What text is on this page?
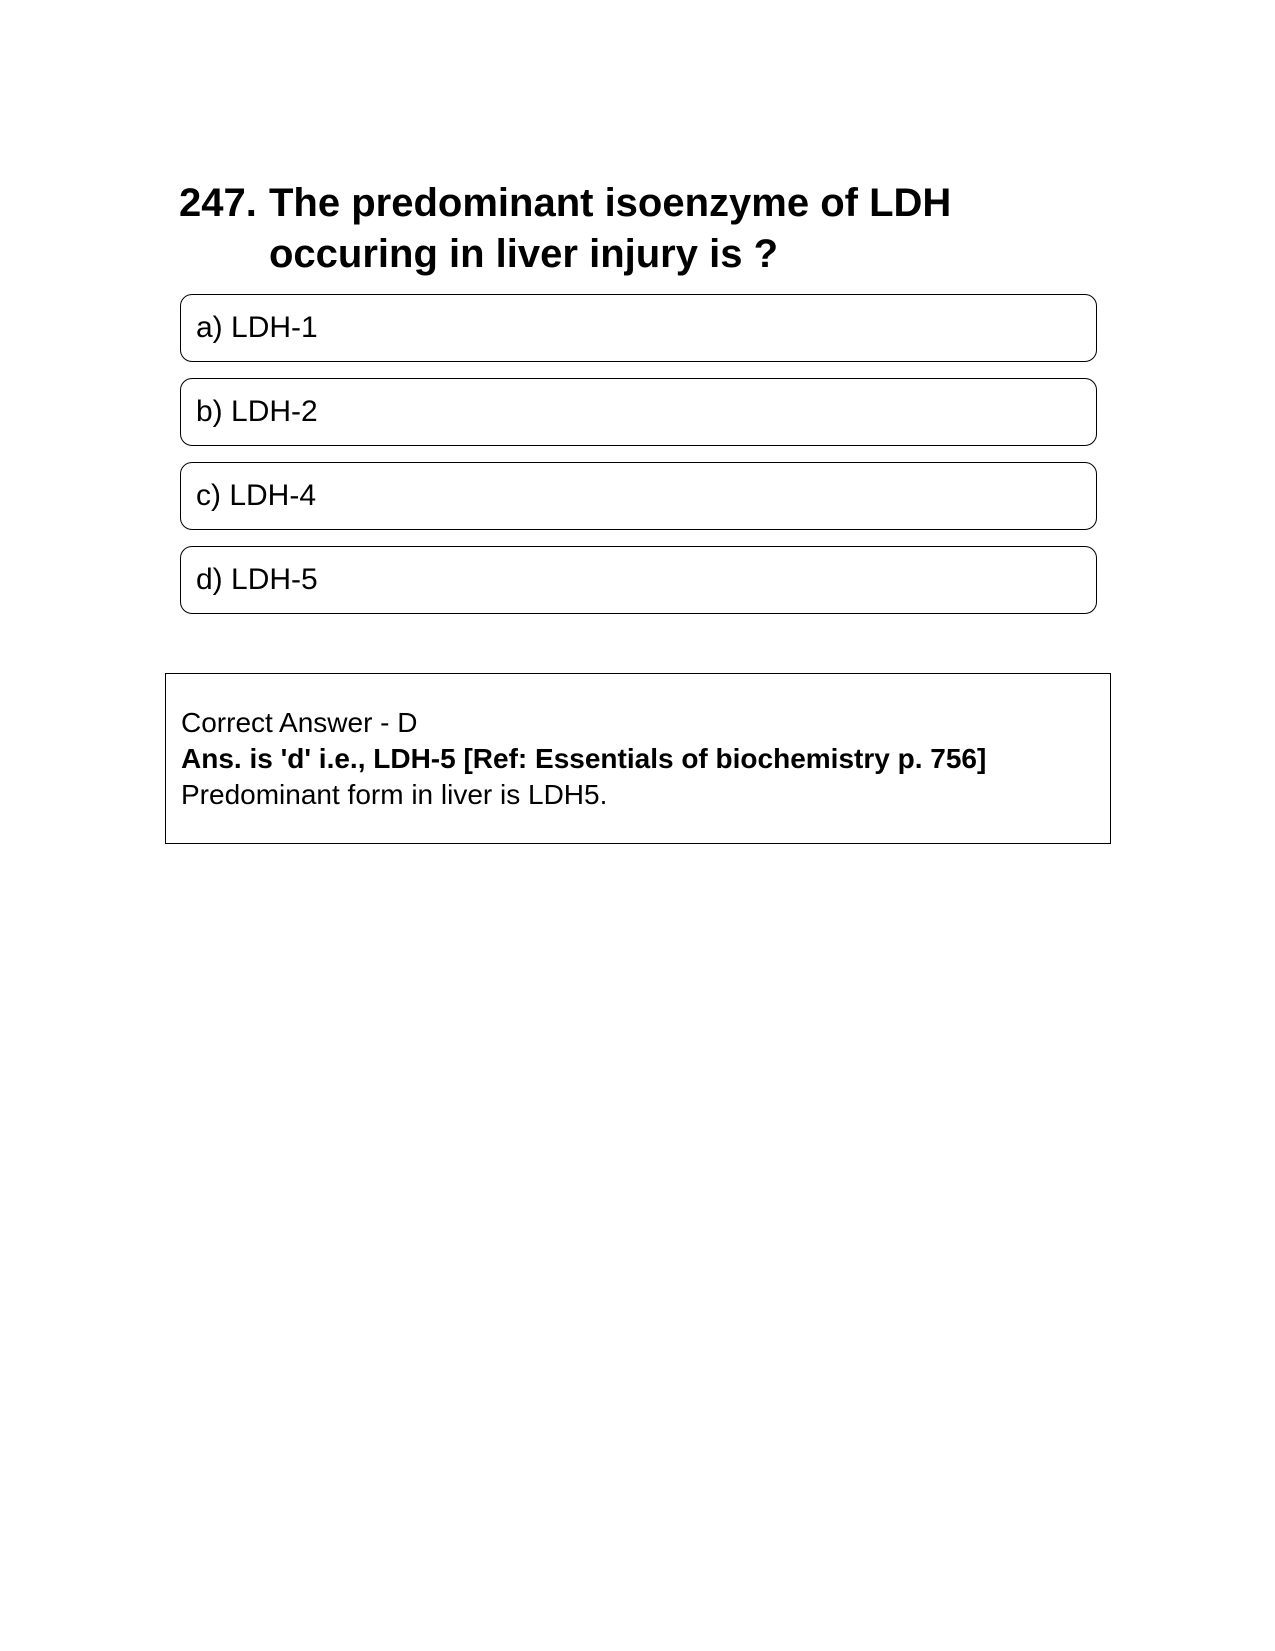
247. The predominant isoenzyme of LDH occuring in liver injury is ?
a) LDH-1
b) LDH-2
c) LDH-4
d) LDH-5
Correct Answer - D
Ans. is 'd' i.e., LDH-5 [Ref: Essentials of biochemistry p. 756]
Predominant form in liver is LDH5.
